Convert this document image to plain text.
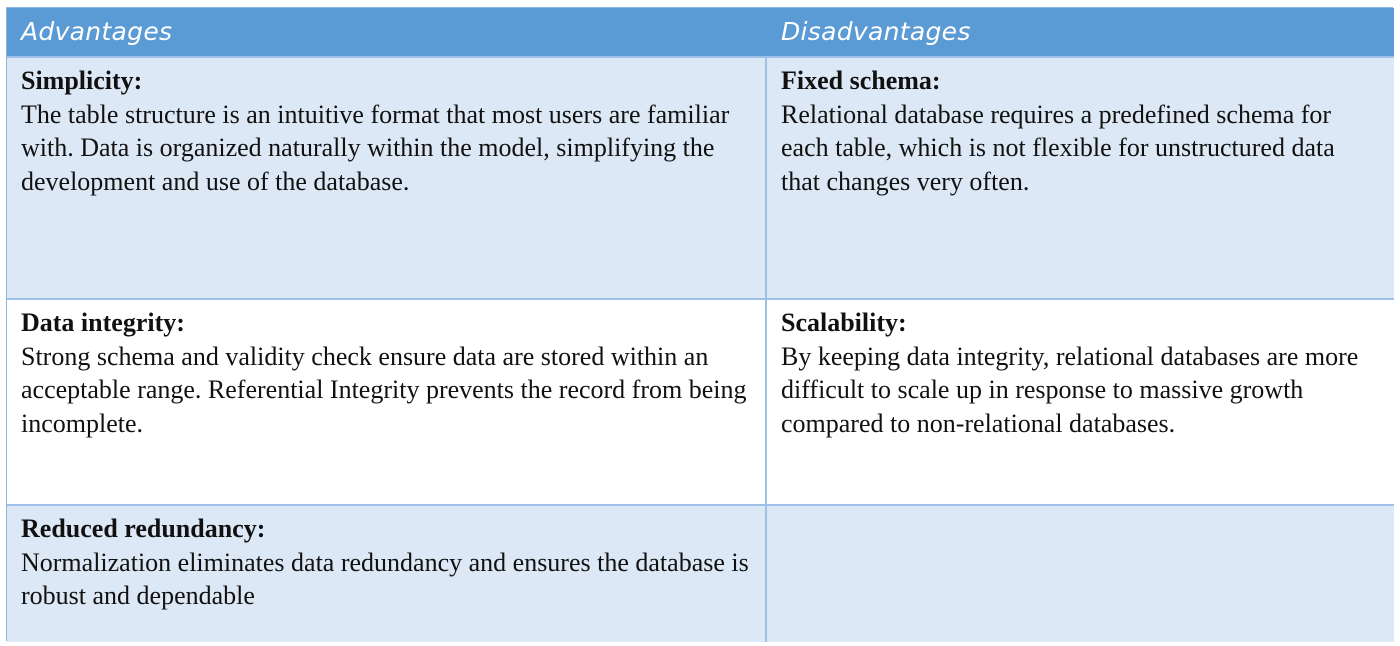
Advantages	Disadvantages
Simplicity:
The table structure is an intuitive format that most users are familiar with. Data is organized naturally within the model, simplifying the development and use of the database.
Fixed schema:
Relational database requires a predefined schema for each table, which is not flexible for unstructured data that changes very often.
Data integrity:
Strong schema and validity check ensure data are stored within an acceptable range. Referential Integrity prevents the record from being incomplete.
Scalability:
By keeping data integrity, relational databases are more difficult to scale up in response to massive growth compared to non-relational databases.
Reduced redundancy:
Normalization eliminates data redundancy and ensures the database is robust and dependable
